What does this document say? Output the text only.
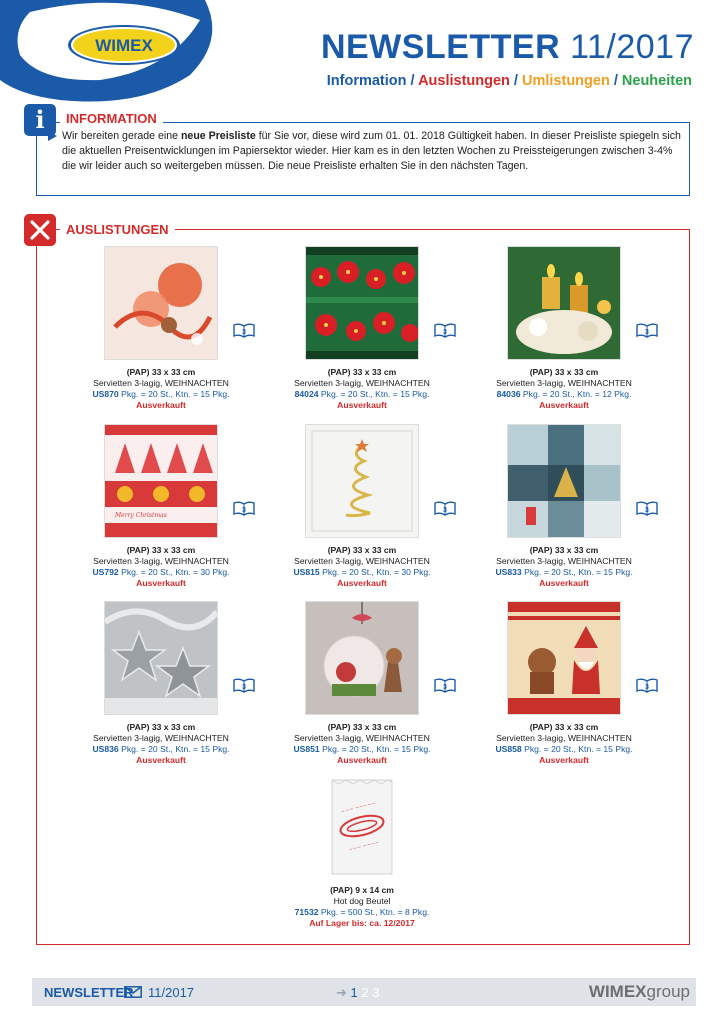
WIMEX	NEWSLETTER 11/2017
Information / Auslistungen / Umlistungen / Neuheiten
i	INFORMATION
Wir bereiten gerade eine neue Preisliste für Sie vor, diese wird zum 01. 01. 2018 Gültigkeit haben. In dieser Preisliste spiegeln sich die aktuellen Preisentwicklungen im Papiersektor wieder. Hier kam es in den letzten Wochen zu Preissteigerungen zwischen 3-4% die wir leider auch so weitergeben müssen. Die neue Preisliste erhalten Sie in den nächsten Tagen.
AUSLISTUNGEN
(PAP) 33 x 33 cm
Servietten 3-lagig, WEIHNACHTEN
US870 Pkg. = 20 St., Ktn. = 15 Pkg.
Ausverkauft
3
(PAP) 33 x 33 cm
Servietten 3-lagig, WEIHNACHTEN
84024 Pkg. = 20 St., Ktn. = 15 Pkg.
Ausverkauft
3
(PAP) 33 x 33 cm
Servietten 3-lagig, WEIHNACHTEN
84036 Pkg. = 20 St., Ktn. = 12 Pkg.
Ausverkauft
3
Merry Christmas
(PAP) 33 x 33 cm
Servietten 3-lagig, WEIHNACHTEN
US792 Pkg. = 20 St., Ktn. = 30 Pkg.
Ausverkauft
3
(PAP) 33 x 33 cm
Servietten 3-lagig, WEIHNACHTEN
US815 Pkg. = 20 St., Ktn. = 30 Pkg.
Ausverkauft
3
(PAP) 33 x 33 cm
Servietten 3-lagig, WEIHNACHTEN
US833 Pkg. = 20 St., Ktn. = 15 Pkg.
Ausverkauft
3
(PAP) 33 x 33 cm
Servietten 3-lagig, WEIHNACHTEN
US836 Pkg. = 20 St., Ktn. = 15 Pkg.
Ausverkauft
3
(PAP) 33 x 33 cm
Servietten 3-lagig, WEIHNACHTEN
US851 Pkg. = 20 St., Ktn. = 15 Pkg.
Ausverkauft
3
(PAP) 33 x 33 cm
Servietten 3-lagig, WEIHNACHTEN
US858 Pkg. = 20 St., Ktn. = 15 Pkg.
Ausverkauft
3
~~~ ~~~~~
~~~ ~~~~
(PAP) 9 x 14 cm
Hot dog Beutel
71532 Pkg. = 500 St., Ktn. = 8 Pkg.
Auf Lager bis: ca. 12/2017
NEWSLETTER 11/2017	➜ 1 2 3	WIMEXgroup
